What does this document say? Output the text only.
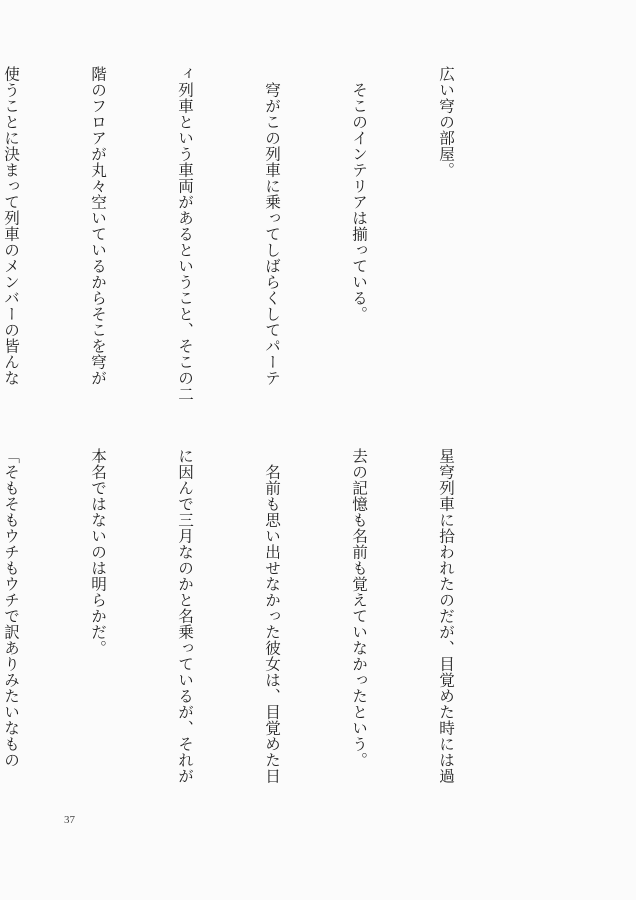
広い穹の部屋。

　そこのインテリアは揃っている。

　穹がこの列車に乗ってしばらくしてパーテ

ィ列車という車両があるということ、そこの二

階のフロアが丸々空いているからそこを穹が

使うことに決まって列車のメンバーの皆んな

星穹列車に拾われたのだが、目覚めた時には過

去の記憶も名前も覚えていなかったという。

　名前も思い出せなかった彼女は、目覚めた日

に因んで三月なのかと名乗っているが、それが

本名ではないのは明らかだ。

「そもそもウチもウチで訳ありみたいなもの

37
